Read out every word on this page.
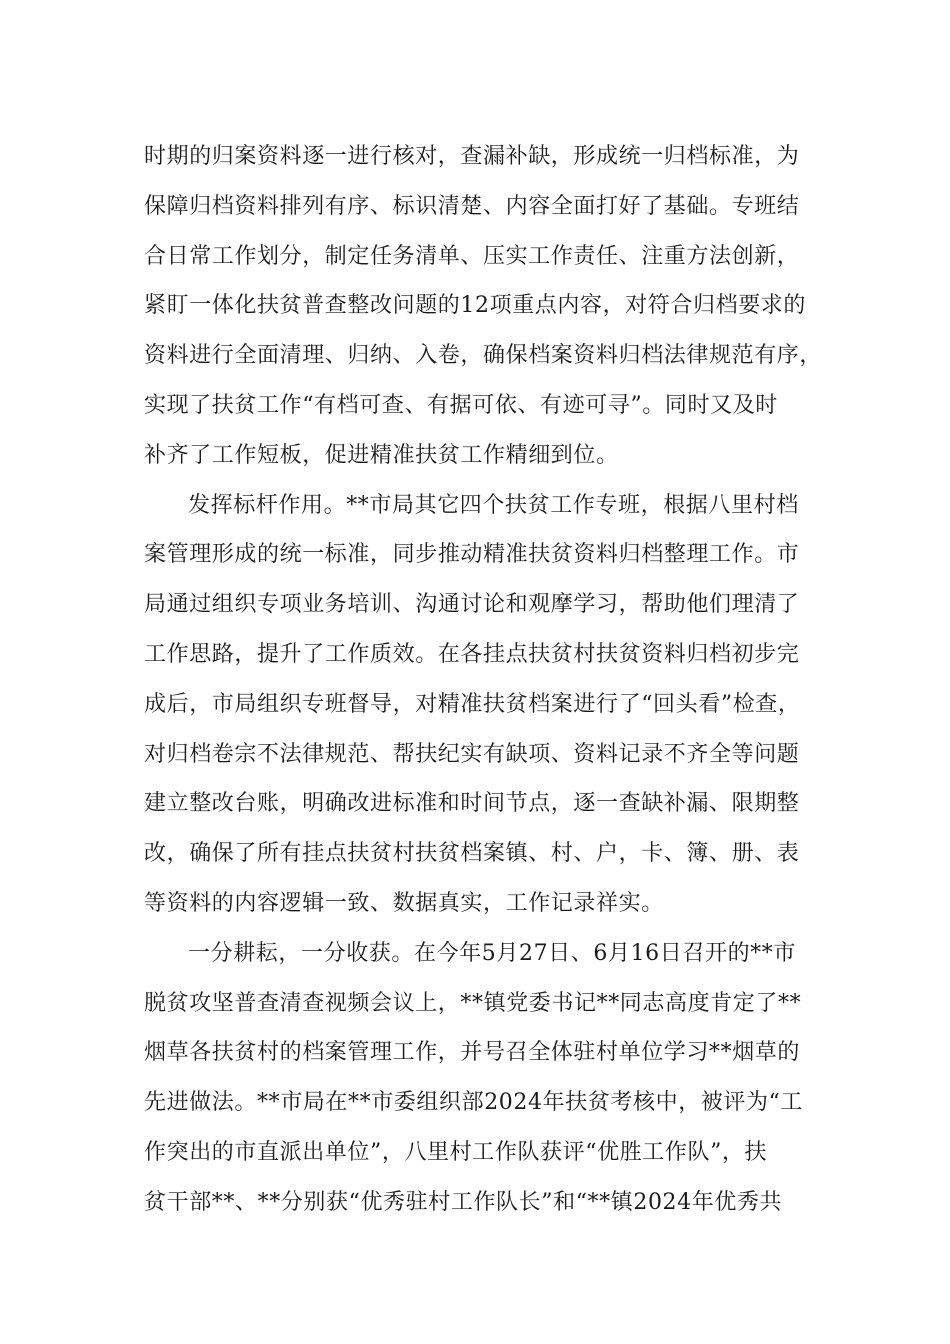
时期的归案资料逐一进行核对，查漏补缺，形成统一归档标准，为
保障归档资料排列有序、标识清楚、内容全面打好了基础。专班结
合日常工作划分，制定任务清单、压实工作责任、注重方法创新，
紧盯一体化扶贫普查整改问题的12项重点内容，对符合归档要求的
资料进行全面清理、归纳、入卷，确保档案资料归档法律规范有序，
实现了扶贫工作“有档可查、有据可依、有迹可寻”。同时又及时
补齐了工作短板，促进精准扶贫工作精细到位。
发挥标杆作用。**市局其它四个扶贫工作专班，根据八里村档
案管理形成的统一标准，同步推动精准扶贫资料归档整理工作。市
局通过组织专项业务培训、沟通讨论和观摩学习，帮助他们理清了
工作思路，提升了工作质效。在各挂点扶贫村扶贫资料归档初步完
成后，市局组织专班督导，对精准扶贫档案进行了“回头看”检查，
对归档卷宗不法律规范、帮扶纪实有缺项、资料记录不齐全等问题
建立整改台账，明确改进标准和时间节点，逐一查缺补漏、限期整
改，确保了所有挂点扶贫村扶贫档案镇、村、户，卡、簿、册、表
等资料的内容逻辑一致、数据真实，工作记录祥实。
一分耕耘，一分收获。在今年5月27日、6月16日召开的**市
脱贫攻坚普查清查视频会议上，**镇党委书记**同志高度肯定了**
烟草各扶贫村的档案管理工作，并号召全体驻村单位学习**烟草的
先进做法。**市局在**市委组织部2024年扶贫考核中，被评为“工
作突出的市直派出单位”，八里村工作队获评“优胜工作队”，扶
贫干部**、**分别获“优秀驻村工作队长”和“**镇2024年优秀共
